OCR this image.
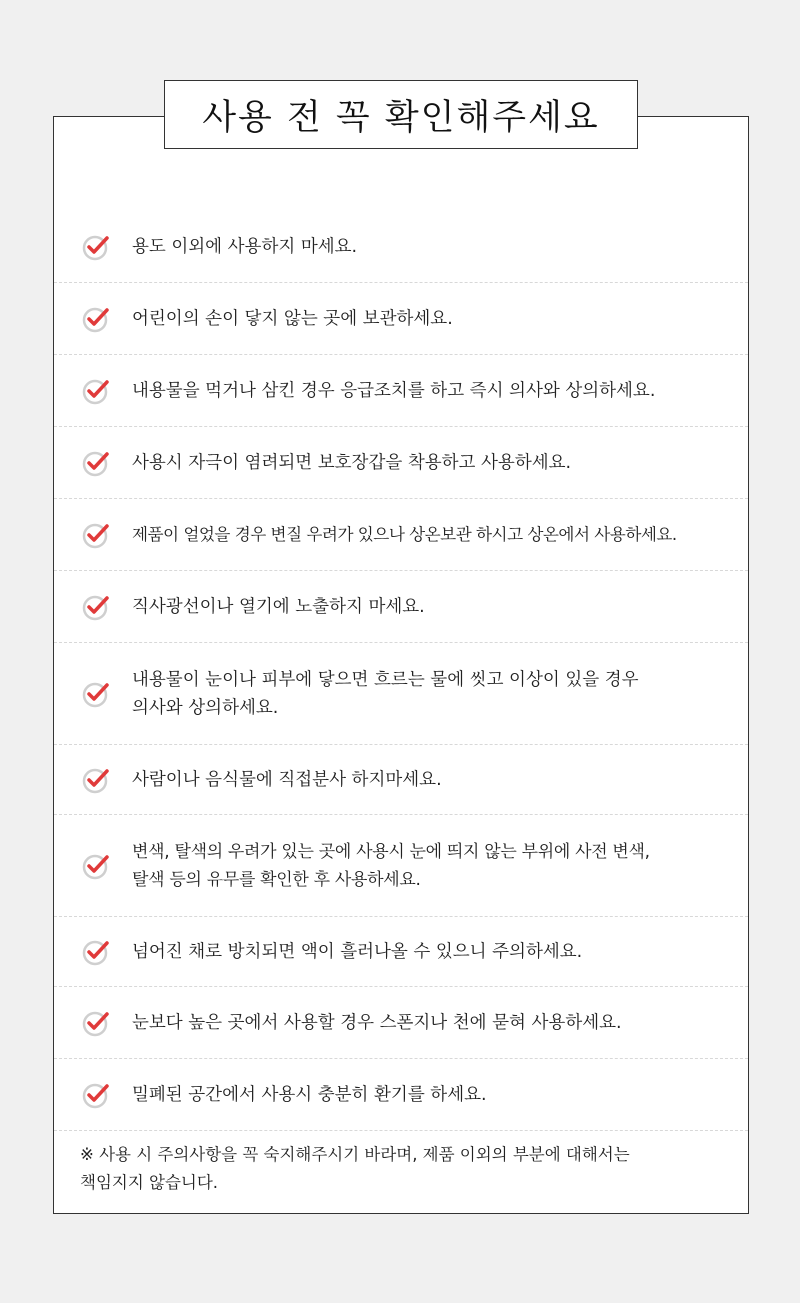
용도 이외에 사용하지 마세요.
어린이의 손이 닿지 않는 곳에 보관하세요.
내용물을 먹거나 삼킨 경우 응급조치를 하고 즉시 의사와 상의하세요.
사용시 자극이 염려되면 보호장갑을 착용하고 사용하세요.
제품이 얼었을 경우 변질 우려가 있으나 상온보관 하시고 상온에서 사용하세요.
직사광선이나 열기에 노출하지 마세요.
내용물이 눈이나 피부에 닿으면 흐르는 물에 씻고 이상이 있을 경우
의사와 상의하세요.
사람이나 음식물에 직접분사 하지마세요.
변색, 탈색의 우려가 있는 곳에 사용시 눈에 띄지 않는 부위에 사전 변색,
탈색 등의 유무를 확인한 후 사용하세요.
넘어진 채로 방치되면 액이 흘러나올 수 있으니 주의하세요.
눈보다 높은 곳에서 사용할 경우 스폰지나 천에 묻혀 사용하세요.
밀폐된 공간에서 사용시 충분히 환기를 하세요.
※ 사용 시 주의사항을 꼭 숙지해주시기 바라며, 제품 이외의 부분에 대해서는
책임지지 않습니다.
사용 전 꼭 확인해주세요
